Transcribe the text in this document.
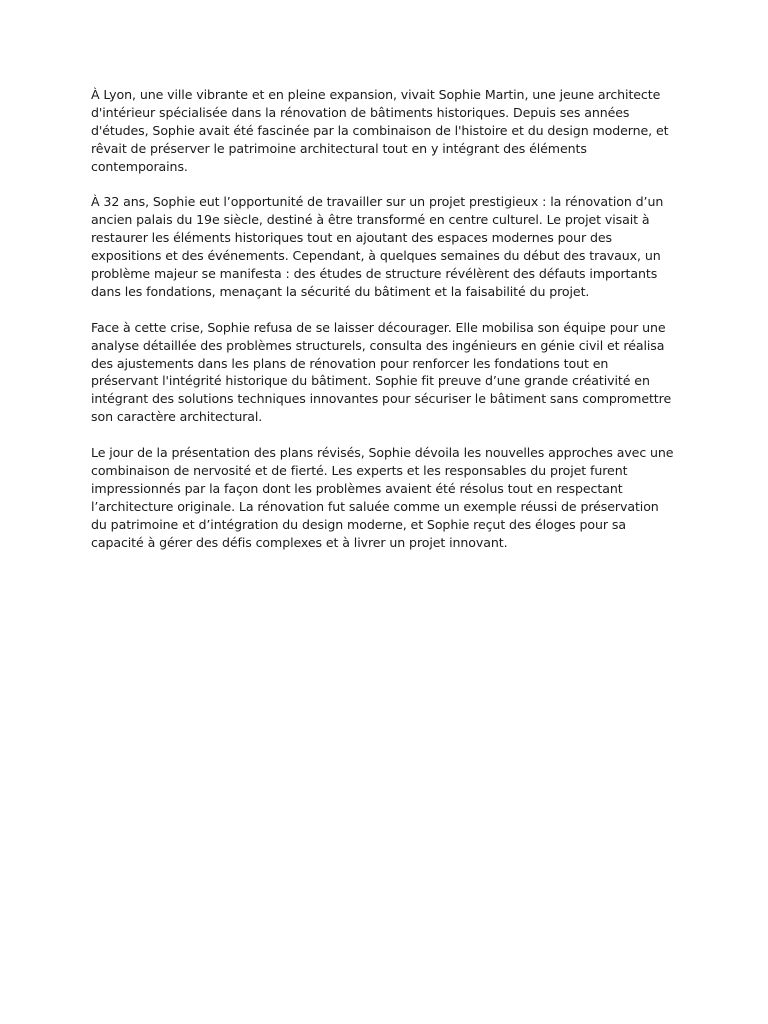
À Lyon, une ville vibrante et en pleine expansion, vivait Sophie Martin, une jeune architecte
d'intérieur spécialisée dans la rénovation de bâtiments historiques. Depuis ses années
d'études, Sophie avait été fascinée par la combinaison de l'histoire et du design moderne, et
rêvait de préserver le patrimoine architectural tout en y intégrant des éléments
contemporains.

À 32 ans, Sophie eut l’opportunité de travailler sur un projet prestigieux : la rénovation d’un
ancien palais du 19e siècle, destiné à être transformé en centre culturel. Le projet visait à
restaurer les éléments historiques tout en ajoutant des espaces modernes pour des
expositions et des événements. Cependant, à quelques semaines du début des travaux, un
problème majeur se manifesta : des études de structure révélèrent des défauts importants
dans les fondations, menaçant la sécurité du bâtiment et la faisabilité du projet.

Face à cette crise, Sophie refusa de se laisser décourager. Elle mobilisa son équipe pour une
analyse détaillée des problèmes structurels, consulta des ingénieurs en génie civil et réalisa
des ajustements dans les plans de rénovation pour renforcer les fondations tout en
préservant l'intégrité historique du bâtiment. Sophie fit preuve d’une grande créativité en
intégrant des solutions techniques innovantes pour sécuriser le bâtiment sans compromettre
son caractère architectural.

Le jour de la présentation des plans révisés, Sophie dévoila les nouvelles approches avec une
combinaison de nervosité et de fierté. Les experts et les responsables du projet furent
impressionnés par la façon dont les problèmes avaient été résolus tout en respectant
l’architecture originale. La rénovation fut saluée comme un exemple réussi de préservation
du patrimoine et d’intégration du design moderne, et Sophie reçut des éloges pour sa
capacité à gérer des défis complexes et à livrer un projet innovant.
